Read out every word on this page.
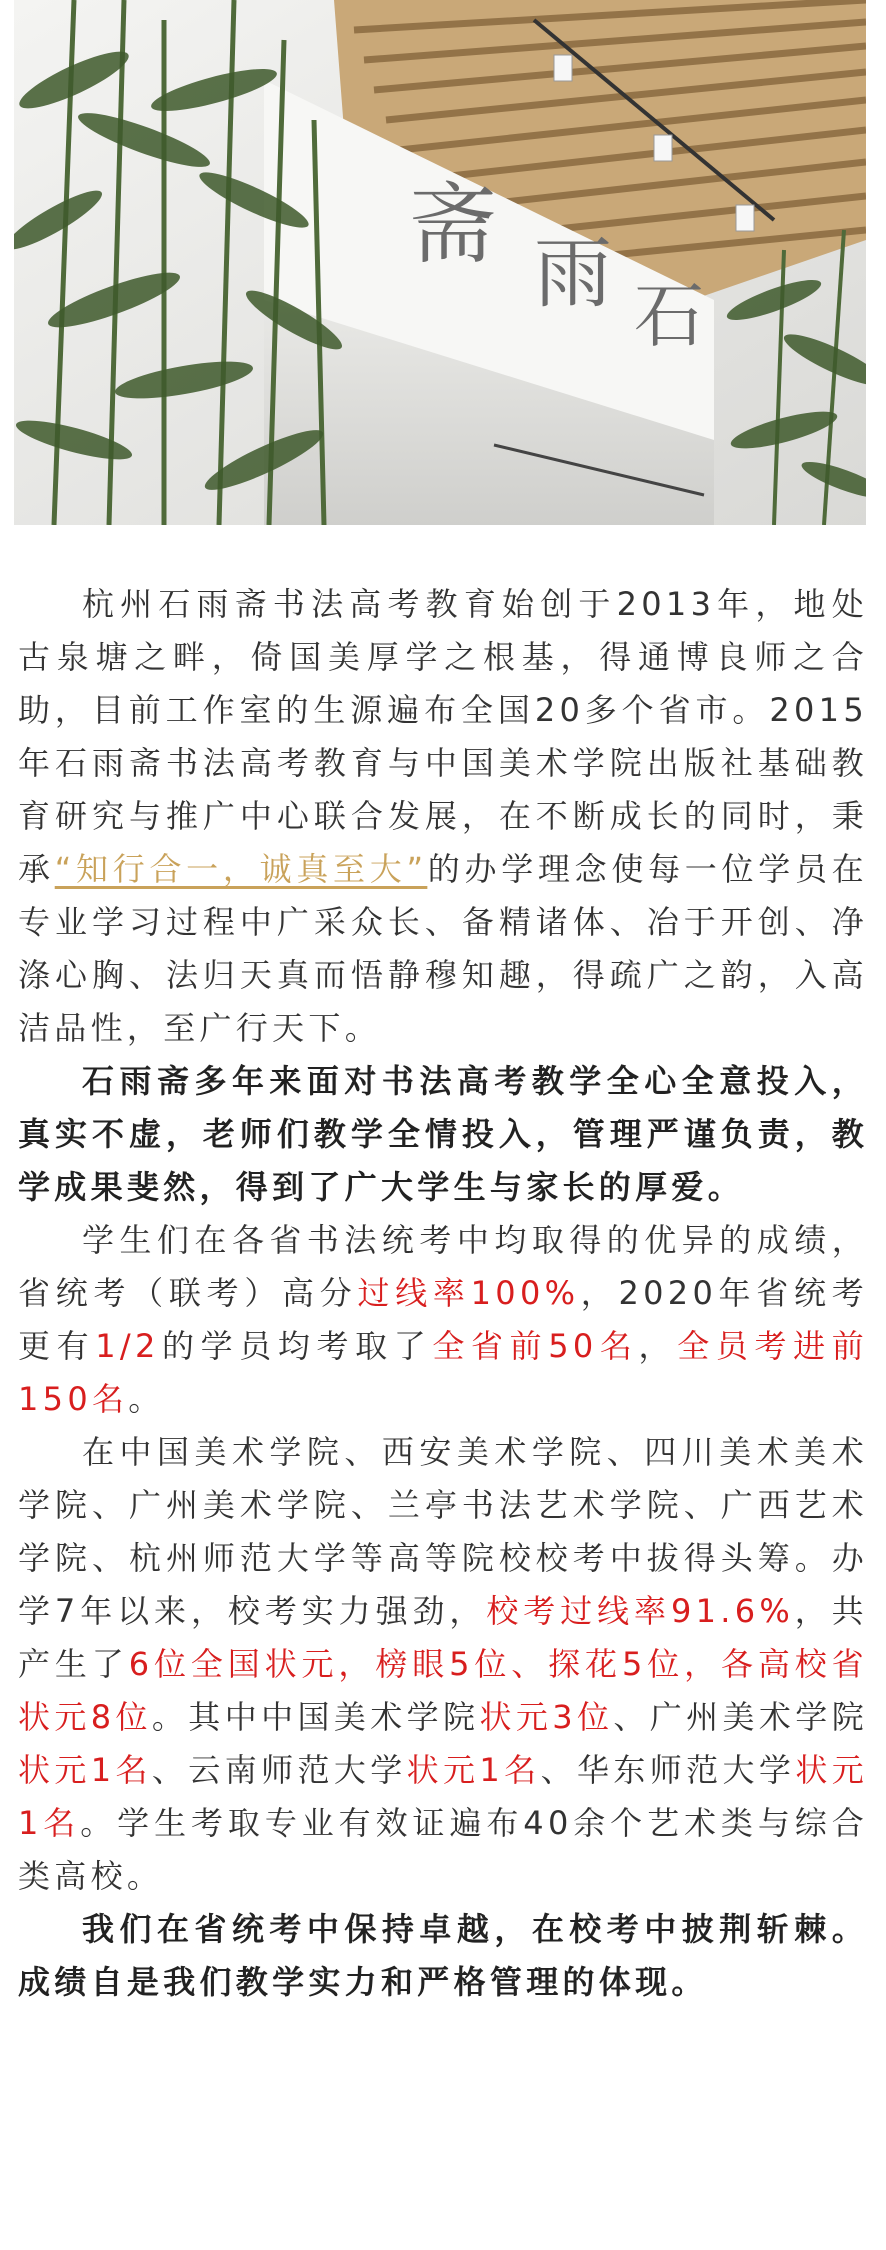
斋 雨 石

杭州石雨斋书法高考教育始创于2013年，地处古泉塘之畔，倚国美厚学之根基，得通博良师之合助，目前工作室的生源遍布全国20多个省市。2015年石雨斋书法高考教育与中国美术学院出版社基础教育研究与推广中心联合发展，在不断成长的同时，秉承“知行合一，诚真至大”的办学理念使每一位学员在专业学习过程中广采众长、备精诸体、冶于开创、净涤心胸、法归天真而悟静穆知趣，得疏广之韵，入高洁品性，至广行天下。

石雨斋多年来面对书法高考教学全心全意投入，真实不虚，老师们教学全情投入，管理严谨负责，教学成果斐然，得到了广大学生与家长的厚爱。

学生们在各省书法统考中均取得的优异的成绩，省统考（联考）高分过线率100%，2020年省统考更有1/2的学员均考取了全省前50名，全员考进前150名。

在中国美术学院、西安美术学院、四川美术美术学院、广州美术学院、兰亭书法艺术学院、广西艺术学院、杭州师范大学等高等院校校考中拔得头筹。办学7年以来，校考实力强劲，校考过线率91.6%，共产生了6位全国状元，榜眼5位、探花5位，各高校省状元8位。其中中国美术学院状元3位、广州美术学院状元1名、云南师范大学状元1名、华东师范大学状元1名。学生考取专业有效证遍布40余个艺术类与综合类高校。

我们在省统考中保持卓越，在校考中披荆斩棘。成绩自是我们教学实力和严格管理的体现。
